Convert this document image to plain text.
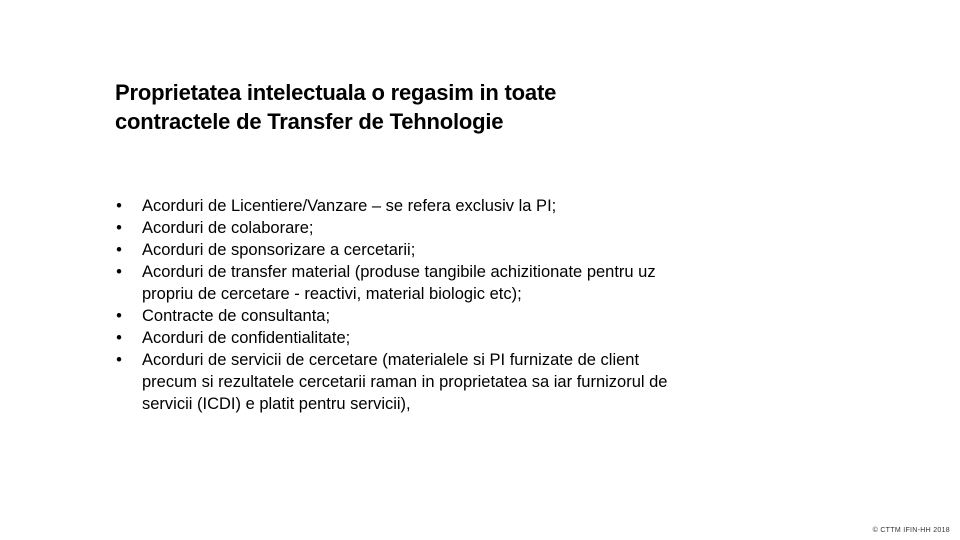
Proprietatea intelectuala o regasim in toate
contractele de Transfer de Tehnologie
• Acorduri de Licentiere/Vanzare – se refera exclusiv la PI;
• Acorduri de colaborare;
• Acorduri de sponsorizare a cercetarii;
• Acorduri de transfer material (produse tangibile achizitionate pentru uz
propriu de cercetare - reactivi, material biologic etc);
• Contracte de consultanta;
• Acorduri de confidentialitate;
• Acorduri de servicii de cercetare (materialele si PI furnizate de client
precum si rezultatele cercetarii raman in proprietatea sa iar furnizorul de
servicii (ICDI) e platit pentru servicii),
© CTTM IFIN-HH 2018
